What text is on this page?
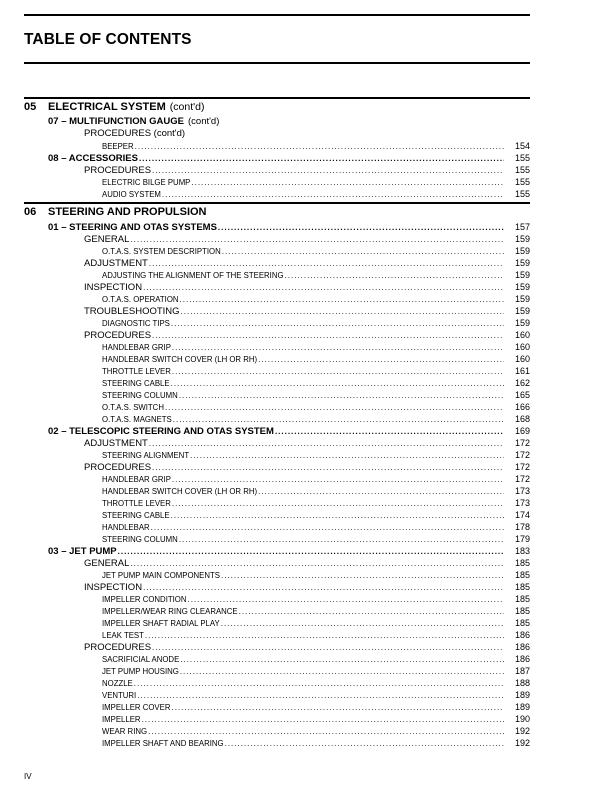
TABLE OF CONTENTS
05	ELECTRICAL SYSTEM (cont'd)
07 – MULTIFUNCTION GAUGE (cont'd)
PROCEDURES (cont'd)
BEEPER .....	154
08 – ACCESSORIES .....	155
PROCEDURES .....	155
ELECTRIC BILGE PUMP .....	155
AUDIO SYSTEM .....	155
06	STEERING AND PROPULSION
01 – STEERING AND OTAS SYSTEMS .....	157
GENERAL .....	159
O.T.A.S. SYSTEM DESCRIPTION .....	159
ADJUSTMENT .....	159
ADJUSTING THE ALIGNMENT OF THE STEERING .....	159
INSPECTION .....	159
O.T.A.S. OPERATION .....	159
TROUBLESHOOTING .....	159
DIAGNOSTIC TIPS .....	159
PROCEDURES .....	160
HANDLEBAR GRIP .....	160
HANDLEBAR SWITCH COVER (LH OR RH) .....	160
THROTTLE LEVER .....	161
STEERING CABLE .....	162
STEERING COLUMN .....	165
O.T.A.S. SWITCH .....	166
O.T.A.S. MAGNETS .....	168
02 – TELESCOPIC STEERING AND OTAS SYSTEM .....	169
ADJUSTMENT .....	172
STEERING ALIGNMENT .....	172
PROCEDURES .....	172
HANDLEBAR GRIP .....	172
HANDLEBAR SWITCH COVER (LH OR RH) .....	173
THROTTLE LEVER .....	173
STEERING CABLE .....	174
HANDLEBAR .....	178
STEERING COLUMN .....	179
03 – JET PUMP .....	183
GENERAL .....	185
JET PUMP MAIN COMPONENTS .....	185
INSPECTION .....	185
IMPELLER CONDITION .....	185
IMPELLER/WEAR RING CLEARANCE .....	185
IMPELLER SHAFT RADIAL PLAY .....	185
LEAK TEST .....	186
PROCEDURES .....	186
SACRIFICIAL ANODE .....	186
JET PUMP HOUSING .....	187
NOZZLE .....	188
VENTURI .....	189
IMPELLER COVER .....	189
IMPELLER .....	190
WEAR RING .....	192
IMPELLER SHAFT AND BEARING .....	192
IV
